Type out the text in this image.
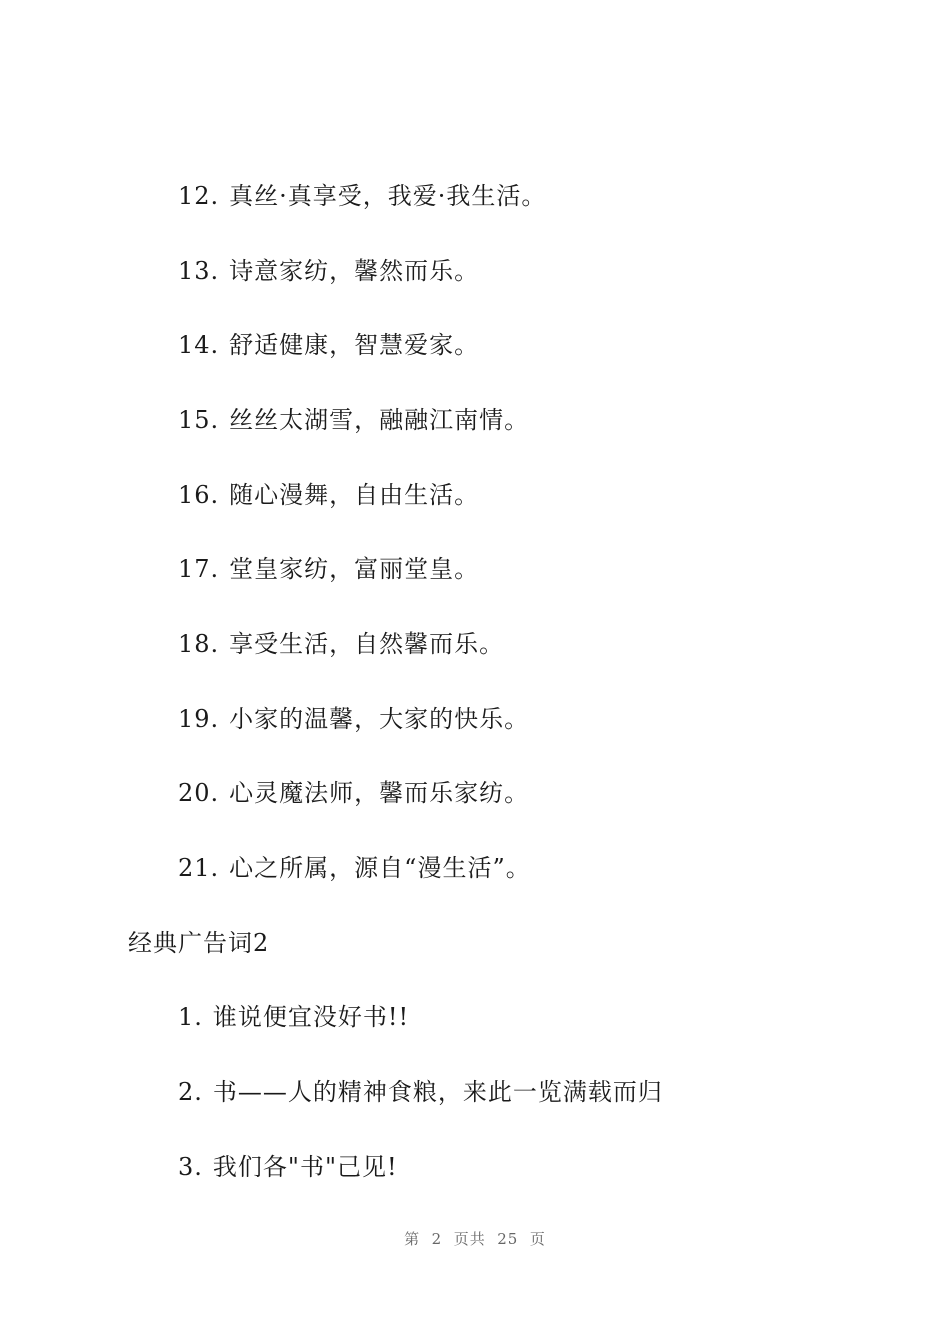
12. 真丝·真享受，我爱·我生活。
13. 诗意家纺，馨然而乐。
14. 舒适健康，智慧爱家。
15. 丝丝太湖雪，融融江南情。
16. 随心漫舞，自由生活。
17. 堂皇家纺，富丽堂皇。
18. 享受生活，自然馨而乐。
19. 小家的温馨，大家的快乐。
20. 心灵魔法师，馨而乐家纺。
21. 心之所属，源自“漫生活”。
经典广告词2
1. 谁说便宜没好书!!
2. 书——人的精神食粮，来此一览满载而归
3. 我们各"书"己见!
第  2  页共  25  页
